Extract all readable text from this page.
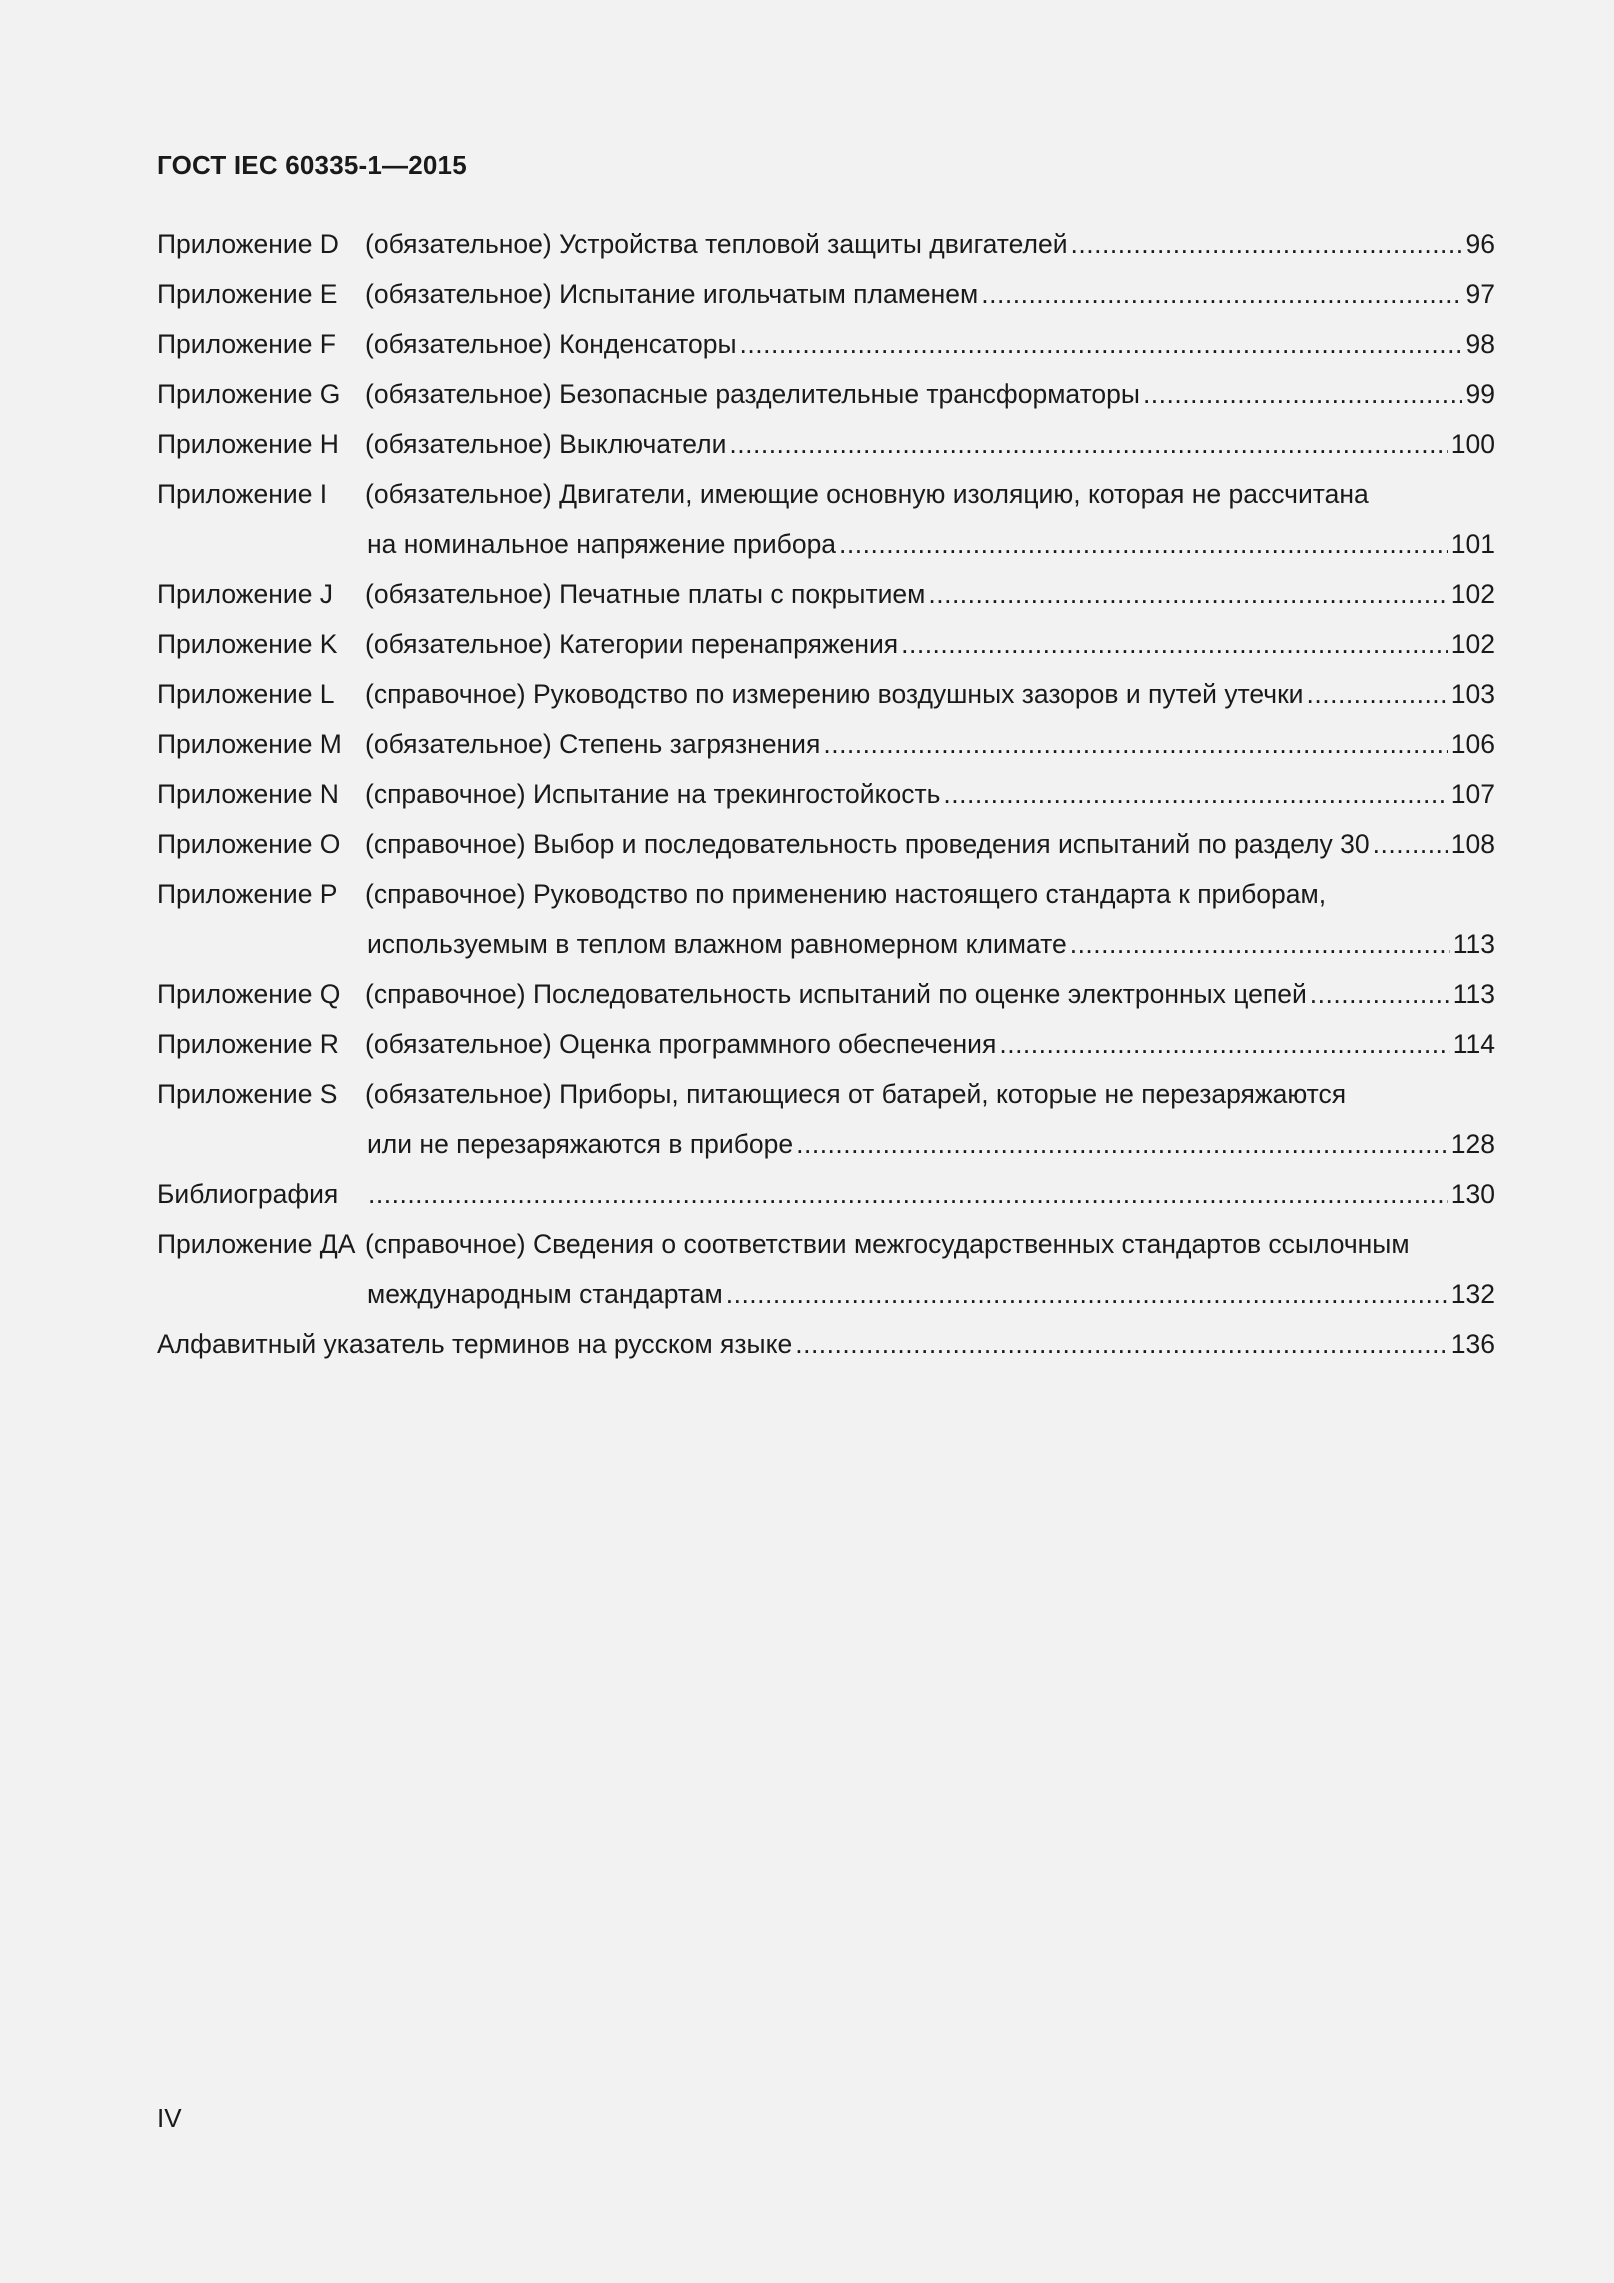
ГОСТ IEC 60335-1—2015
Приложение D (обязательное) Устройства тепловой защиты двигателей .....	96
Приложение E	(обязательное) Испытание игольчатым пламенем .....	97
Приложение F	(обязательное) Конденсаторы .....	98
Приложение G (обязательное) Безопасные разделительные трансформаторы .....	99
Приложение H (обязательное) Выключатели .....	100
Приложение I	(обязательное) Двигатели, имеющие основную изоляцию, которая не рассчитана
на номинальное напряжение прибора .....	101
Приложение J	(обязательное) Печатные платы с покрытием .....	102
Приложение K	(обязательное) Категории перенапряжения .....	102
Приложение L	(справочное) Руководство по измерению воздушных зазоров и путей утечки .....	103
Приложение M (обязательное) Степень загрязнения .....	106
Приложение N (справочное) Испытание на трекингостойкость .....	107
Приложение O (справочное) Выбор и последовательность проведения испытаний по разделу 30 .....	108
Приложение P	(справочное) Руководство по применению настоящего стандарта к приборам,
используемым в теплом влажном равномерном климате .....	113
Приложение Q (справочное) Последовательность испытаний по оценке электронных цепей .....	113
Приложение R (обязательное) Оценка программного обеспечения .....	114
Приложение S	(обязательное) Приборы, питающиеся от батарей, которые не перезаряжаются
или не перезаряжаются в приборе .....	128
Библиография .....	130
Приложение ДА (справочное) Сведения о соответствии межгосударственных стандартов ссылочным
международным стандартам .....	132
Алфавитный указатель терминов на русском языке .....	136
IV
